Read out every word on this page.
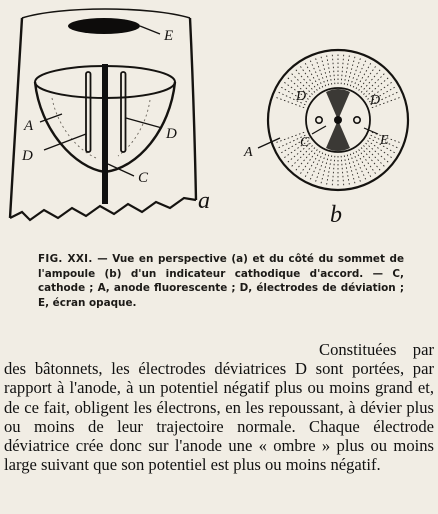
E
A
D
D
C
a
D	D
A
C	E
b
FIG. XXI. — Vue en perspective (a) et du côté du sommet de l'ampoule (b) d'un indicateur cathodique d'accord. — C, cathode ; A, anode fluorescente ; D, électrodes de déviation ; E, écran opaque.

Constituées par des bâtonnets, les électrodes déviatrices D sont portées, par rapport à l'anode, à un potentiel négatif plus ou moins grand et, de ce fait, obligent les électrons, en les repoussant, à dévier plus ou moins de leur trajectoire normale. Chaque électrode déviatrice crée donc sur l'anode une « ombre » plus ou moins large suivant que son potentiel est plus ou moins négatif.
